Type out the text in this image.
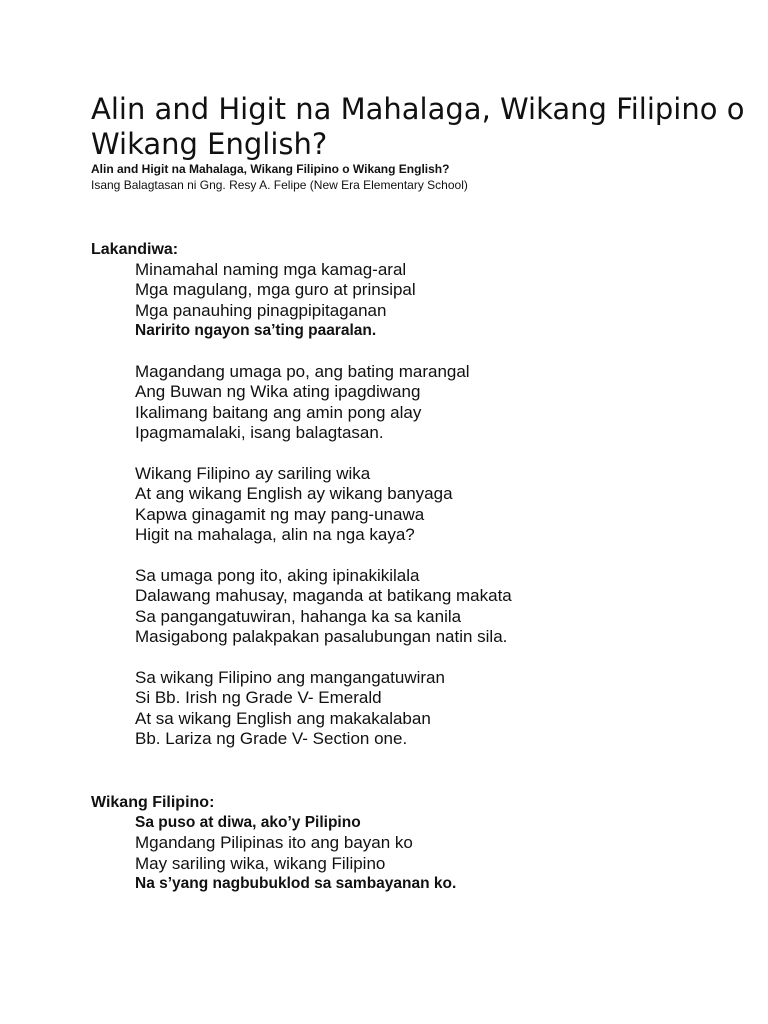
Alin and Higit na Mahalaga, Wikang Filipino o Wikang English?

Alin and Higit na Mahalaga, Wikang Filipino o Wikang English?

Isang Balagtasan ni Gng. Resy A. Felipe (New Era Elementary School)

Lakandiwa:

Minamahal naming mga kamag-aral
Mga magulang, mga guro at prinsipal
Mga panauhing pinagpipitaganan
Naririto ngayon sa’ting paaralan.
Magandang umaga po, ang bating marangal
Ang Buwan ng Wika ating ipagdiwang
Ikalimang baitang ang amin pong alay
Ipagmamalaki, isang balagtasan.
Wikang Filipino ay sariling wika
At ang wikang English ay wikang banyaga
Kapwa ginagamit ng may pang-unawa
Higit na mahalaga, alin na nga kaya?
Sa umaga pong ito, aking ipinakikilala
Dalawang mahusay, maganda at batikang makata
Sa pangangatuwiran, hahanga ka sa kanila
Masigabong palakpakan pasalubungan natin sila.
Sa wikang Filipino ang mangangatuwiran
Si Bb. Irish ng Grade V- Emerald
At sa wikang English ang makakalaban
Bb. Lariza ng Grade V- Section one.

Wikang Filipino:

Sa puso at diwa, ako’y Pilipino
Mgandang Pilipinas ito ang bayan ko
May sariling wika, wikang Filipino
Na s’yang nagbubuklod sa sambayanan ko.
